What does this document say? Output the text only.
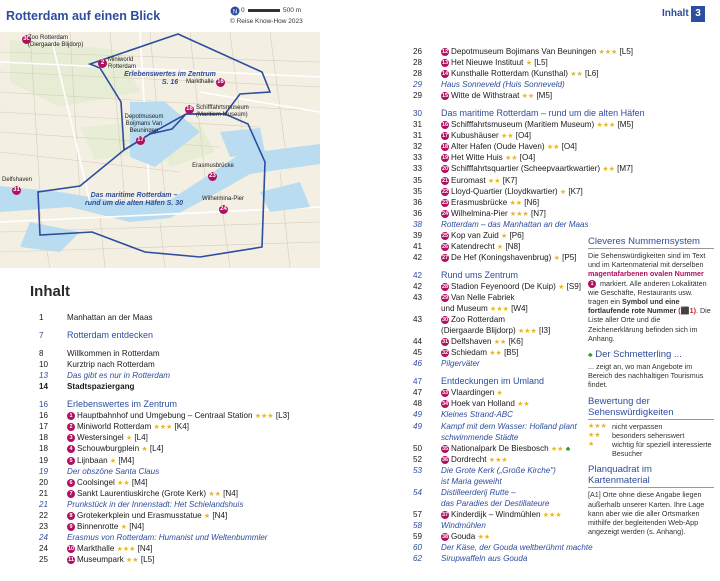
Rotterdam auf einen Blick	N 0	500 m
© Reise Know-How 2023
30
Zoo Rotterdam (Diergaarde Blijdorp)
2 Miniworld Rotterdam
Erlebenswertes im Zentrum S. 16	Markthalle 16
Depotmuseum Boijmans Van Beuningen
17
18 Schifffahrtsmuseum (Maritiem Museum)
Erasmusbrücke
23
Delfshaven
31
Das maritime Rotterdam – rund um die alten Häfen S. 30
Wilhelmina-Pier
24
Inhalt 3
Inhalt
1	Manhattan an der Maas
7	Rotterdam entdecken
8	Willkommen in Rotterdam
10	Kurztrip nach Rotterdam
13	Das gibt es nur in Rotterdam
14	Stadtspaziergang
16	Erlebenswertes im Zentrum
16	1 Hauptbahnhof und Umgebung – Centraal Station ★★★ [L3]
17	2 Miniworld Rotterdam ★★★ [K4]
18	3 Westersingel ★ [L4]
18	4 Schouwburgplein ★ [L4]
19	5 Lijnbaan ★ [M4]
19	Der obszöne Santa Claus
20	6 Coolsingel ★★ [M4]
21	7 Sankt Laurentiuskirche (Grote Kerk) ★★ [N4]
21	Prunkstück in der Innenstadt: Het Schielandshuis
22	8 Grotekerkplein und Erasmusstatue ★ [N4]
23	9 Binnenrotte ★ [N4]
24	Erasmus von Rotterdam: Humanist und Weltenbummler
24	10 Markthalle ★★★ [N4]
25	11 Museumpark ★★ [L5]
26	12 Depotmuseum Bojimans Van Beuningen ★★★ [L5]
28	13 Het Nieuwe Instituut ★ [L5]
28	14 Kunsthalle Rotterdam (Kunsthal) ★★ [L6]
29	Haus Sonneveld (Huis Sonneveld)
29	15 Witte de Withstraat ★★ [M5]
30	Das maritime Rotterdam – rund um die alten Häfen
31	16 Schifffahrtsmuseum (Maritiem Museum) ★★★ [M5]
31	17 Kubushäuser ★★ [O4]
32	18 Alter Hafen (Oude Haven) ★★ [O4]
33	19 Het Witte Huis ★★ [O4]
33	20 Schifffahrtsquartier (Scheepvaartkwartier) ★★ [M7]
35	21 Euromast ★★ [K7]
35	22 Lloyd-Quartier (Lloydkwartier) ★ [K7]
36	23 Erasmusbrücke ★★ [N6]
36	24 Wilhelmina-Pier ★★★ [N7]
38	Rotterdam – das Manhattan an der Maas
39	25 Kop van Zuid ★ [P6]
41	26 Katendrecht ★ [N8]
42	27 De Hef (Koningshavenbrug) ★ [P5]
42	Rund ums Zentrum
42	28 Stadion Feyenoord (De Kuip) ★ [S9]
43	29 Van Nelle Fabriek
und Museum ★★★ [W4]
43	30 Zoo Rotterdam
(Diergaarde Blijdorp) ★★★ [I3]
44	31 Delfshaven ★★ [K6]
45	32 Schiedam ★★ [B5]
46	Pilgerväter
47	Entdeckungen im Umland
47	33 Vlaardingen ★
48	34 Hoek van Holland ★★
49	Kleines Strand-ABC
49	Kampf mit dem Wasser: Holland plant
schwimmende Städte
50	35 Nationalpark De Biesbosch ★★ ♣
52	36 Dordrecht ★★★
53	Die Grote Kerk („Große Kirche")
ist Maria geweiht
54	Distilleerderij Rutte –
das Paradies der Destillateure
57	37 Kinderdijk – Windmühlen ★★★
58	Windmühlen
59	38 Gouda ★★
60	Der Käse, der Gouda weltberühmt machte
62	Sirupwaffeln aus Gouda
Cleveres Nummernsystem

Die Sehenswürdigkeiten sind im Text und im Kartenmaterial mit derselben magentafarbenen ovalen Nummer 1 markiert. Alle anderen Lokalitäten wie Geschäfte, Restaurants usw. tragen ein Symbol und eine fortlaufende rote Nummer (⬛1). Die Liste aller Orte und die Zeichenerklärung befinden sich im Anhang.

♣ Der Schmetterling ...

... zeigt an, wo man Angebote im Bereich des nachhaltigen Tourismus findet.

Bewertung der Sehenswürdigkeiten
★★★ nicht verpassen
★★	besonders sehenswert
★	wichtig für speziell interessierte Besucher
Planquadrat im Kartenmaterial

[A1] Orte ohne diese Angabe liegen außerhalb unserer Karten. Ihre Lage kann aber wie die aller Ortsmarken mithilfe der begleitenden Web-App angezeigt werden (s. Anhang).
